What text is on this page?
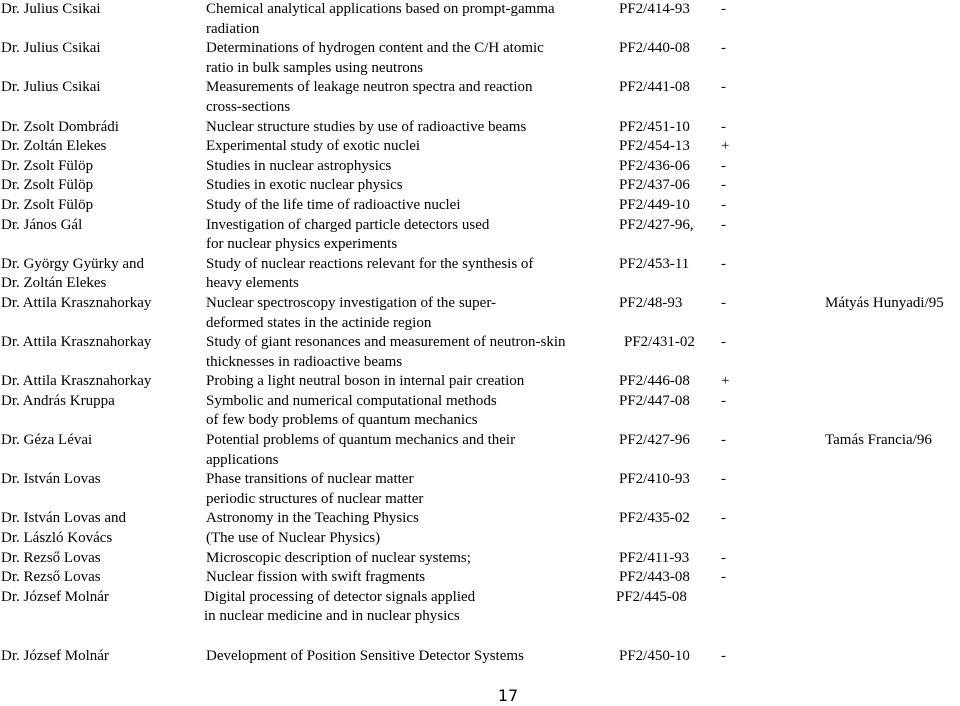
Dr. Julius Csikai	Chemical analytical applications based on prompt-gamma	PF2/414-93 -
radiation
Dr. Julius Csikai	Determinations of hydrogen content and the C/H atomic	PF2/440-08 -
ratio in bulk samples using neutrons
Dr. Julius Csikai	Measurements of leakage neutron spectra and reaction	PF2/441-08 -
cross-sections
Dr. Zsolt Dombrádi	Nuclear structure studies by use of radioactive beams	PF2/451-10 -
Dr. Zoltán Elekes	Experimental study of exotic nuclei	PF2/454-13 +
Dr. Zsolt Fülöp	Studies in nuclear astrophysics	PF2/436-06 -
Dr. Zsolt Fülöp	Studies in exotic nuclear physics	PF2/437-06 -
Dr. Zsolt Fülöp	Study of the life time of radioactive nuclei	PF2/449-10 -
Dr. János Gál	Investigation of charged particle detectors used	PF2/427-96, -
for nuclear physics experiments
Dr. György Gyürky and	Study of nuclear reactions relevant for the synthesis of	PF2/453-11 -
Dr. Zoltán Elekes	heavy elements
Dr. Attila Krasznahorkay	Nuclear spectroscopy investigation of the super-	PF2/48-93	-	Mátyás Hunyadi/95
deformed states in the actinide region
Dr. Attila Krasznahorkay	Study of giant resonances and measurement of neutron-skin	PF2/431-02 -
thicknesses in radioactive beams
Dr. Attila Krasznahorkay	Probing a light neutral boson in internal pair creation	PF2/446-08 +
Dr. András Kruppa	Symbolic and numerical computational methods	PF2/447-08 -
of few body problems of quantum mechanics
Dr. Géza Lévai	Potential problems of quantum mechanics and their	PF2/427-96 -	Tamás Francia/96
applications
Dr. István Lovas	Phase transitions of nuclear matter	PF2/410-93 -
periodic structures of nuclear matter
Dr. István Lovas and	Astronomy in the Teaching Physics	PF2/435-02 -
Dr. László Kovács	(The use of Nuclear Physics)
Dr. Rezső Lovas	Microscopic description of nuclear systems;	PF2/411-93 -
Dr. Rezső Lovas	Nuclear fission with swift fragments	PF2/443-08 -
Dr. József Molnár	Digital processing of detector signals applied	PF2/445-08
in nuclear medicine and in nuclear physics
Dr. József Molnár	Development of Position Sensitive Detector Systems	PF2/450-10 -
17
